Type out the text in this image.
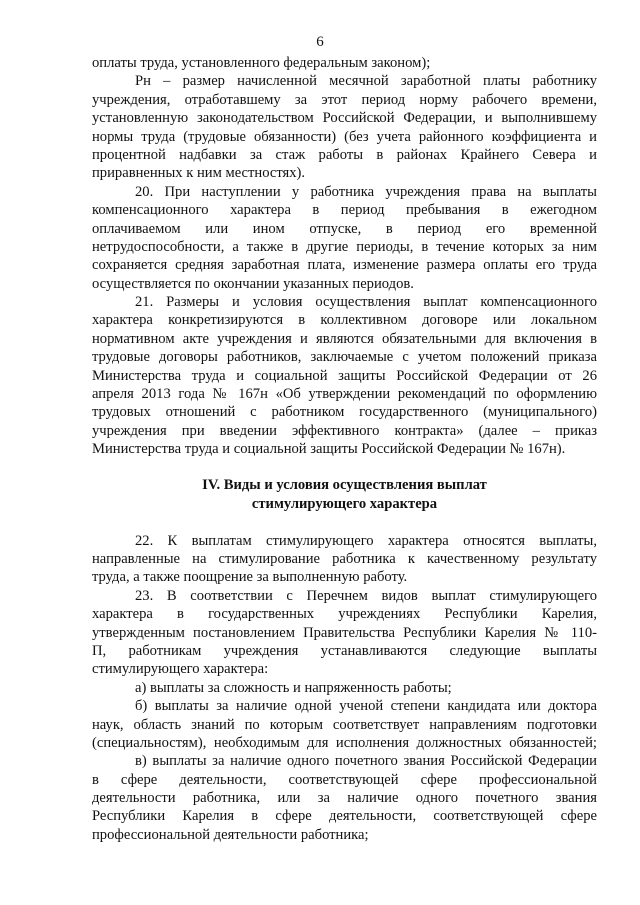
6
оплаты труда, установленного федеральным законом);
Рн – размер начисленной месячной заработной платы работнику
учреждения, отработавшему за этот период норму рабочего времени,
установленную законодательством Российской Федерации, и выполнившему
нормы труда (трудовые обязанности) (без учета районного коэффициента и
процентной надбавки за стаж работы в районах Крайнего Севера и
приравненных к ним местностях).
20. При наступлении у работника учреждения права на выплаты
компенсационного характера в период пребывания в ежегодном
оплачиваемом или ином отпуске, в период его временной
нетрудоспособности, а также в другие периоды, в течение которых за ним
сохраняется средняя заработная плата, изменение размера оплаты его труда
осуществляется по окончании указанных периодов.
21. Размеры и условия осуществления выплат компенсационного
характера конкретизируются в коллективном договоре или локальном
нормативном акте учреждения и являются обязательными для включения в
трудовые договоры работников, заключаемые с учетом положений приказа
Министерства труда и социальной защиты Российской Федерации от 26
апреля 2013 года № 167н «Об утверждении рекомендаций по оформлению
трудовых отношений с работником государственного (муниципального)
учреждения при введении эффективного контракта» (далее – приказ
Министерства труда и социальной защиты Российской Федерации № 167н).
IV. Виды и условия осуществления выплат
стимулирующего характера
22. К выплатам стимулирующего характера относятся выплаты,
направленные на стимулирование работника к качественному результату
труда, а также поощрение за выполненную работу.
23. В соответствии с Перечнем видов выплат стимулирующего
характера в государственных учреждениях Республики Карелия,
утвержденным постановлением Правительства Республики Карелия № 110-
П, работникам учреждения устанавливаются следующие выплаты
стимулирующего характера:
а) выплаты за сложность и напряженность работы;
б) выплаты за наличие одной ученой степени кандидата или доктора
наук, область знаний по которым соответствует направлениям подготовки
(специальностям), необходимым для исполнения должностных обязанностей;
в) выплаты за наличие одного почетного звания Российской Федерации
в сфере деятельности, соответствующей сфере профессиональной
деятельности работника, или за наличие одного почетного звания
Республики Карелия в сфере деятельности, соответствующей сфере
профессиональной деятельности работника;
